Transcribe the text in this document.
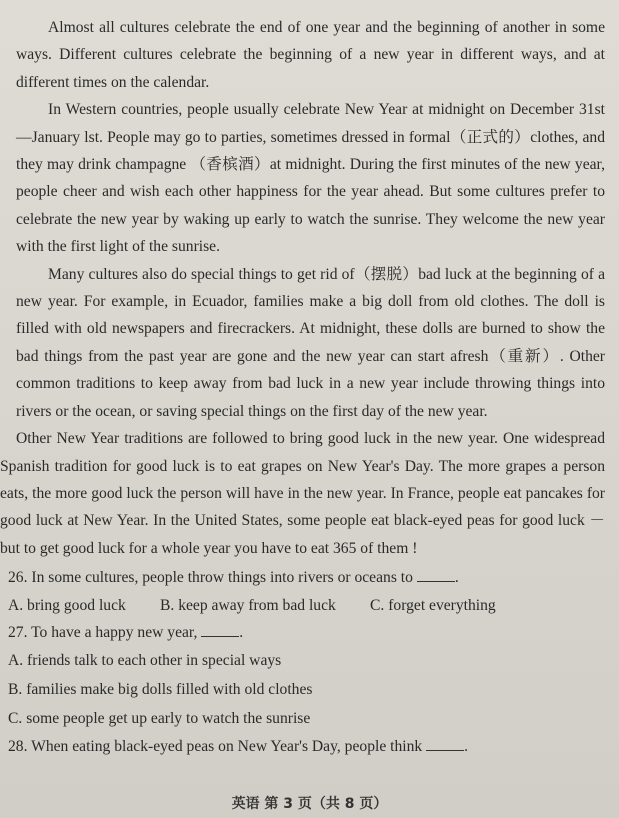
Almost all cultures celebrate the end of one year and the beginning of another in some ways. Different cultures celebrate the beginning of a new year in different ways, and at different times on the calendar.

In Western countries, people usually celebrate New Year at midnight on December 31st—January lst. People may go to parties, sometimes dressed in formal（正式的）clothes, and they may drink champagne （香槟酒）at midnight. During the first minutes of the new year, people cheer and wish each other happiness for the year ahead. But some cultures prefer to celebrate the new year by waking up early to watch the sunrise. They welcome the new year with the first light of the sunrise.

Many cultures also do special things to get rid of（摆脱）bad luck at the beginning of a new year. For example, in Ecuador, families make a big doll from old clothes. The doll is filled with old newspapers and firecrackers. At midnight, these dolls are burned to show the bad things from the past year are gone and the new year can start afresh（重新）. Other common traditions to keep away from bad luck in a new year include throwing things into rivers or the ocean, or saving special things on the first day of the new year.

Other New Year traditions are followed to bring good luck in the new year. One widespread Spanish tradition for good luck is to eat grapes on New Year's Day. The more grapes a person eats, the more good luck the person will have in the new year. In France, people eat pancakes for good luck at New Year. In the United States, some people eat black-eyed peas for good luck － but to get good luck for a whole year you have to eat 365 of them !

26. In some cultures, people throw things into rivers or oceans to	.

A. bring good luck	B. keep away from bad luck	C. forget everything

27. To have a happy new year,	.

A. friends talk to each other in special ways

B. families make big dolls filled with old clothes

C. some people get up early to watch the sunrise

28. When eating black-eyed peas on New Year's Day, people think	.

英语 第 3 页（共 8 页）
